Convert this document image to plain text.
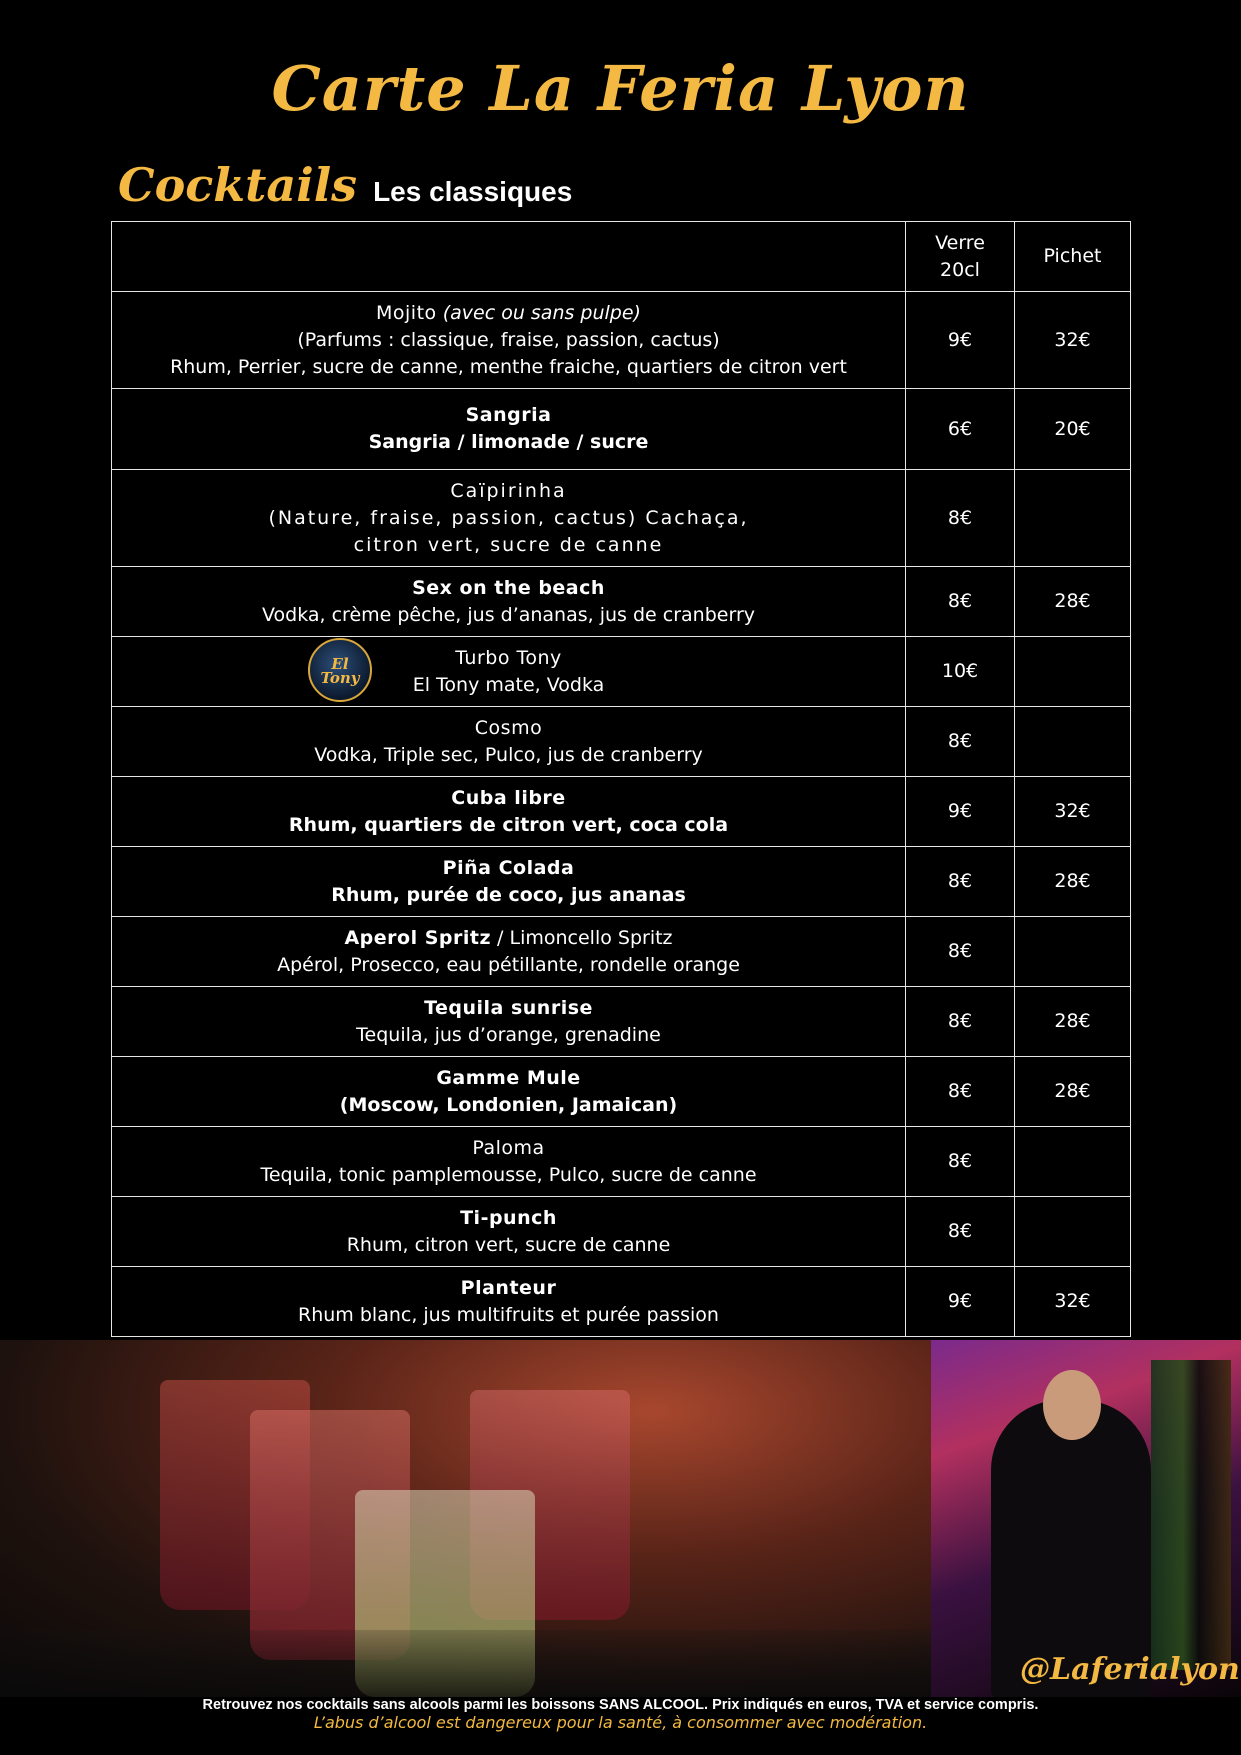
Carte La Feria Lyon
Cocktails Les classiques

	Verre
20cl	Pichet

Mojito (avec ou sans pulpe)
(Parfums : classique, fraise, passion, cactus)
Rhum, Perrier, sucre de canne, menthe fraiche, quartiers de citron vert	9€	32€

Sangria
Sangria / limonade / sucre	6€	20€

Caïpirinha
(Nature, fraise, passion, cactus) Cachaça,
citron vert, sucre de canne	8€	

Sex on the beach
Vodka, crème pêche, jus d’ananas, jus de cranberry	8€	28€

El Tony
Turbo Tony
El Tony mate, Vodka	10€	

Cosmo
Vodka, Triple sec, Pulco, jus de cranberry	8€	

Cuba libre
Rhum, quartiers de citron vert, coca cola	9€	32€

Piña Colada
Rhum, purée de coco, jus ananas	8€	28€

Aperol Spritz / Limoncello Spritz
Apérol, Prosecco, eau pétillante, rondelle orange	8€	

Tequila sunrise
Tequila, jus d’orange, grenadine	8€	28€

Gamme Mule
(Moscow, Londonien, Jamaican)	8€	28€

Paloma
Tequila, tonic pamplemousse, Pulco, sucre de canne	8€	

Ti-punch
Rhum, citron vert, sucre de canne	8€	

Planteur
Rhum blanc, jus multifruits et purée passion	9€	32€
@Laferialyon
Retrouvez nos cocktails sans alcools parmi les boissons SANS ALCOOL. Prix indiqués en euros, TVA et service compris.
L’abus d’alcool est dangereux pour la santé, à consommer avec modération.
